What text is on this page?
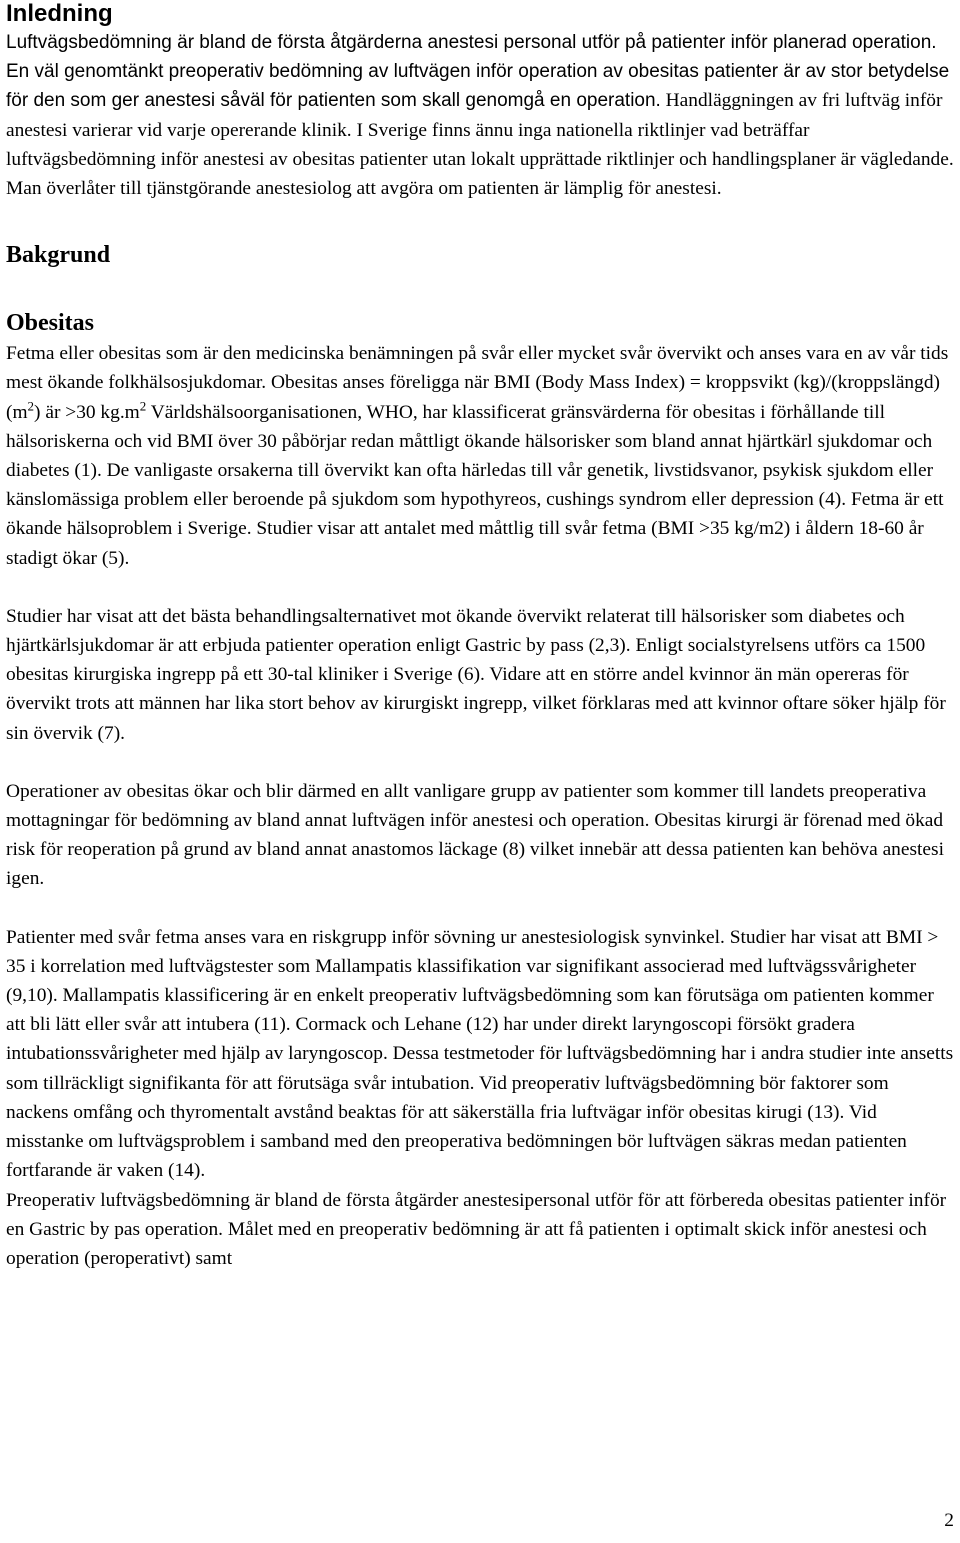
Inledning

Luftvägsbedömning är bland de första åtgärderna anestesi personal utför på patienter inför planerad operation. En väl genomtänkt preoperativ bedömning av luftvägen inför operation av obesitas patienter är av stor betydelse för den som ger anestesi såväl för patienten som skall genomgå en operation. Handläggningen av fri luftväg inför anestesi varierar vid varje opererande klinik. I Sverige finns ännu inga nationella riktlinjer vad beträffar luftvägsbedömning inför anestesi av obesitas patienter utan lokalt upprättade riktlinjer och handlingsplaner är vägledande. Man överlåter till tjänstgörande anestesiolog att avgöra om patienten är lämplig för anestesi.

Bakgrund
Obesitas

Fetma eller obesitas som är den medicinska benämningen på svår eller mycket svår övervikt och anses vara en av vår tids mest ökande folkhälsosjukdomar. Obesitas anses föreligga när BMI (Body Mass Index) = kroppsvikt $(kg)/(kroppslängd)(m^2)$ är >30 $kg.m^2$ Världshälsoorganisationen, WHO, har klassificerat gränsvärderna för obesitas i förhållande till hälsoriskerna och vid BMI över 30 påbörjar redan måttligt ökande hälsorisker som bland annat hjärtkärl sjukdomar och diabetes (1). De vanligaste orsakerna till övervikt kan ofta härledas till vår genetik, livstidsvanor, psykisk sjukdom eller känslomässiga problem eller beroende på sjukdom som hypothyreos, cushings syndrom eller depression (4). Fetma är ett ökande hälsoproblem i Sverige. Studier visar att antalet med måttlig till svår fetma (BMI >35 kg/m2) i åldern 18-60 år stadigt ökar (5).

Studier har visat att det bästa behandlingsalternativet mot ökande övervikt relaterat till hälsorisker som diabetes och hjärtkärlsjukdomar är att erbjuda patienter operation enligt Gastric by pass (2,3). Enligt socialstyrelsens utförs ca 1500 obesitas kirurgiska ingrepp på ett 30-tal kliniker i Sverige (6). Vidare att en större andel kvinnor än män opereras för övervikt trots att männen har lika stort behov av kirurgiskt ingrepp, vilket förklaras med att kvinnor oftare söker hjälp för sin övervik (7).

Operationer av obesitas ökar och blir därmed en allt vanligare grupp av patienter som kommer till landets preoperativa mottagningar för bedömning av bland annat luftvägen inför anestesi och operation. Obesitas kirurgi är förenad med ökad risk för reoperation på grund av bland annat anastomos läckage (8) vilket innebär att dessa patienten kan behöva anestesi igen.

Patienter med svår fetma anses vara en riskgrupp inför sövning ur anestesiologisk synvinkel. Studier har visat att BMI > 35 i korrelation med luftvägstester som Mallampatis klassifikation var signifikant associerad med luftvägssvårigheter (9,10). Mallampatis klassificering är en enkelt preoperativ luftvägsbedömning som kan förutsäga om patienten kommer att bli lätt eller svår att intubera (11). Cormack och Lehane (12) har under direkt laryngoscopi försökt gradera intubationssvårigheter med hjälp av laryngoscop. Dessa testmetoder för luftvägsbedömning har i andra studier inte ansetts som tillräckligt signifikanta för att förutsäga svår intubation. Vid preoperativ luftvägsbedömning bör faktorer som nackens omfång och thyromentalt avstånd beaktas för att säkerställa fria luftvägar inför obesitas kirugi (13). Vid misstanke om luftvägsproblem i samband med den preoperativa bedömningen bör luftvägen säkras medan patienten fortfarande är vaken (14).

Preoperativ luftvägsbedömning är bland de första åtgärder anestesipersonal utför för att förbereda obesitas patienter inför en Gastric by pas operation. Målet med en preoperativ bedömning är att få patienten i optimalt skick inför anestesi och operation (peroperativt) samt

2
